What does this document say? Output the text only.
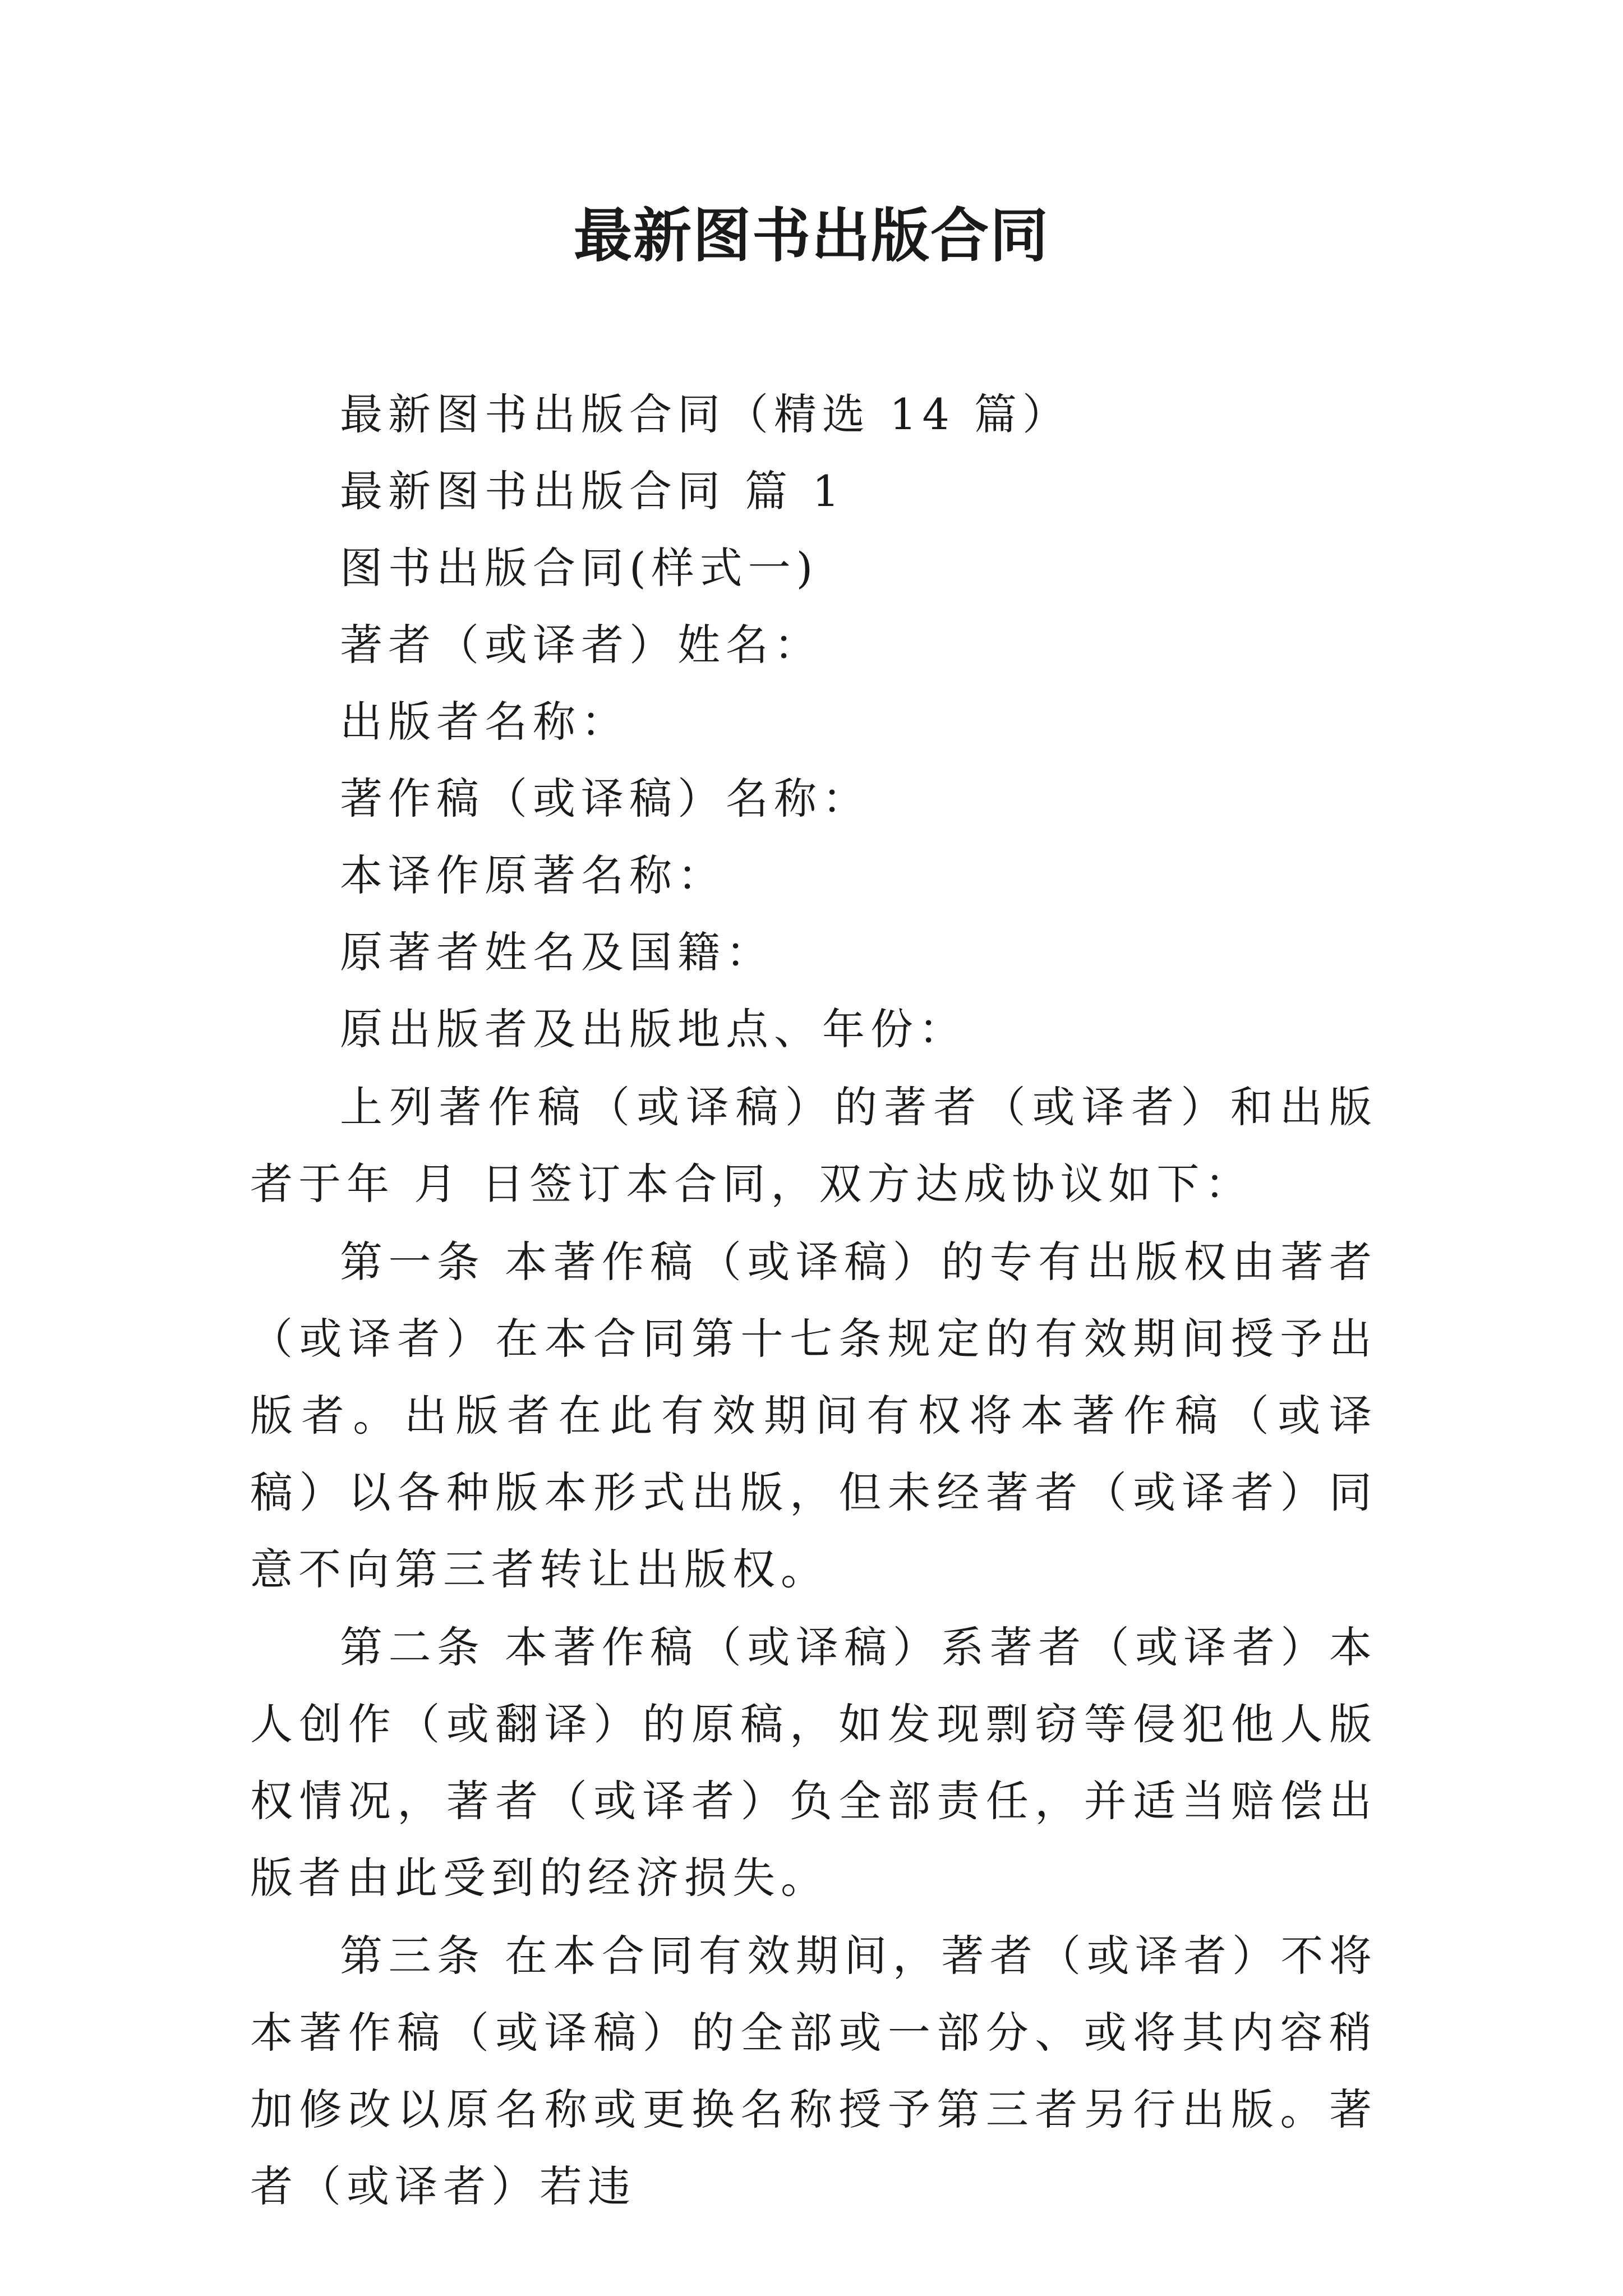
最新图书出版合同

最新图书出版合同（精选 14 篇）

最新图书出版合同 篇 1

图书出版合同(样式一)

著者（或译者）姓名：

出版者名称：

著作稿（或译稿）名称：

本译作原著名称：

原著者姓名及国籍：

原出版者及出版地点、年份：

上列著作稿（或译稿）的著者（或译者）和出版者于年 月 日签订本合同，双方达成协议如下：

第一条 本著作稿（或译稿）的专有出版权由著者（或译者）在本合同第十七条规定的有效期间授予出版者。出版者在此有效期间有权将本著作稿（或译稿）以各种版本形式出版，但未经著者（或译者）同意不向第三者转让出版权。

第二条 本著作稿（或译稿）系著者（或译者）本人创作（或翻译）的原稿，如发现剽窃等侵犯他人版权情况，著者（或译者）负全部责任，并适当赔偿出版者由此受到的经济损失。

第三条 在本合同有效期间，著者（或译者）不将本著作稿（或译稿）的全部或一部分、或将其内容稍加修改以原名称或更换名称授予第三者另行出版。著者（或译者）若违
